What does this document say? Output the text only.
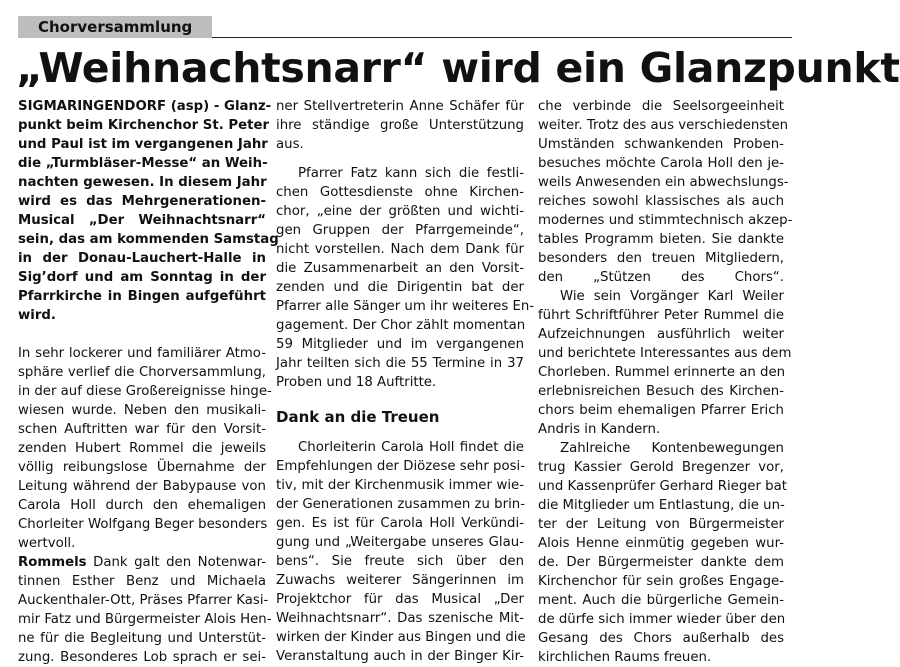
Chorversammlung
„Weihnachtsnarr“ wird ein Glanzpunkt
SIGMARINGENDORF (asp) - Glanz-
punkt beim Kirchenchor St. Peter
und Paul ist im vergangenen Jahr
die „Turmbläser-Messe“ an Weih-
nachten gewesen. In diesem Jahr
wird es das Mehrgenerationen-
Musical „Der Weihnachtsnarr“
sein, das am kommenden Samstag
in der Donau-Lauchert-Halle in
Sig’dorf und am Sonntag in der
Pfarrkirche in Bingen aufgeführt
wird.
In sehr lockerer und familiärer Atmo-
sphäre verlief die Chorversammlung,
in der auf diese Großereignisse hinge-
wiesen wurde. Neben den musikali-
schen Auftritten war für den Vorsit-
zenden Hubert Rommel die jeweils
völlig reibungslose Übernahme der
Leitung während der Babypause von
Carola Holl durch den ehemaligen
Chorleiter Wolfgang Beger besonders
wertvoll.
Rommels Dank galt den Notenwar-
tinnen Esther Benz und Michaela
Auckenthaler-Ott, Präses Pfarrer Kasi-
mir Fatz und Bürgermeister Alois Hen-
ne für die Begleitung und Unterstüt-
zung. Besonderes Lob sprach er sei-
ner Stellvertreterin Anne Schäfer für
ihre ständige große Unterstützung
aus.
Pfarrer Fatz kann sich die festli-
chen Gottesdienste ohne Kirchen-
chor, „eine der größten und wichti-
gen Gruppen der Pfarrgemeinde“,
nicht vorstellen. Nach dem Dank für
die Zusammenarbeit an den Vorsit-
zenden und die Dirigentin bat der
Pfarrer alle Sänger um ihr weiteres En-
gagement. Der Chor zählt momentan
59 Mitglieder und im vergangenen
Jahr teilten sich die 55 Termine in 37
Proben und 18 Auftritte.
Dank an die Treuen
Chorleiterin Carola Holl findet die
Empfehlungen der Diözese sehr posi-
tiv, mit der Kirchenmusik immer wie-
der Generationen zusammen zu brin-
gen. Es ist für Carola Holl Verkündi-
gung und „Weitergabe unseres Glau-
bens“. Sie freute sich über den
Zuwachs weiterer Sängerinnen im
Projektchor für das Musical „Der
Weihnachtsnarr“. Das szenische Mit-
wirken der Kinder aus Bingen und die
Veranstaltung auch in der Binger Kir-
che verbinde die Seelsorgeeinheit
weiter. Trotz des aus verschiedensten
Umständen schwankenden Proben-
besuches möchte Carola Holl den je-
weils Anwesenden ein abwechslungs-
reiches sowohl klassisches als auch
modernes und stimmtechnisch akzep-
tables Programm bieten. Sie dankte
besonders den treuen Mitgliedern,
den „Stützen des Chors“.
Wie sein Vorgänger Karl Weiler
führt Schriftführer Peter Rummel die
Aufzeichnungen ausführlich weiter
und berichtete Interessantes aus dem
Chorleben. Rummel erinnerte an den
erlebnisreichen Besuch des Kirchen-
chors beim ehemaligen Pfarrer Erich
Andris in Kandern.
Zahlreiche Kontenbewegungen
trug Kassier Gerold Bregenzer vor,
und Kassenprüfer Gerhard Rieger bat
die Mitglieder um Entlastung, die un-
ter der Leitung von Bürgermeister
Alois Henne einmütig gegeben wur-
de. Der Bürgermeister dankte dem
Kirchenchor für sein großes Engage-
ment. Auch die bürgerliche Gemein-
de dürfe sich immer wieder über den
Gesang des Chors außerhalb des
kirchlichen Raums freuen.
